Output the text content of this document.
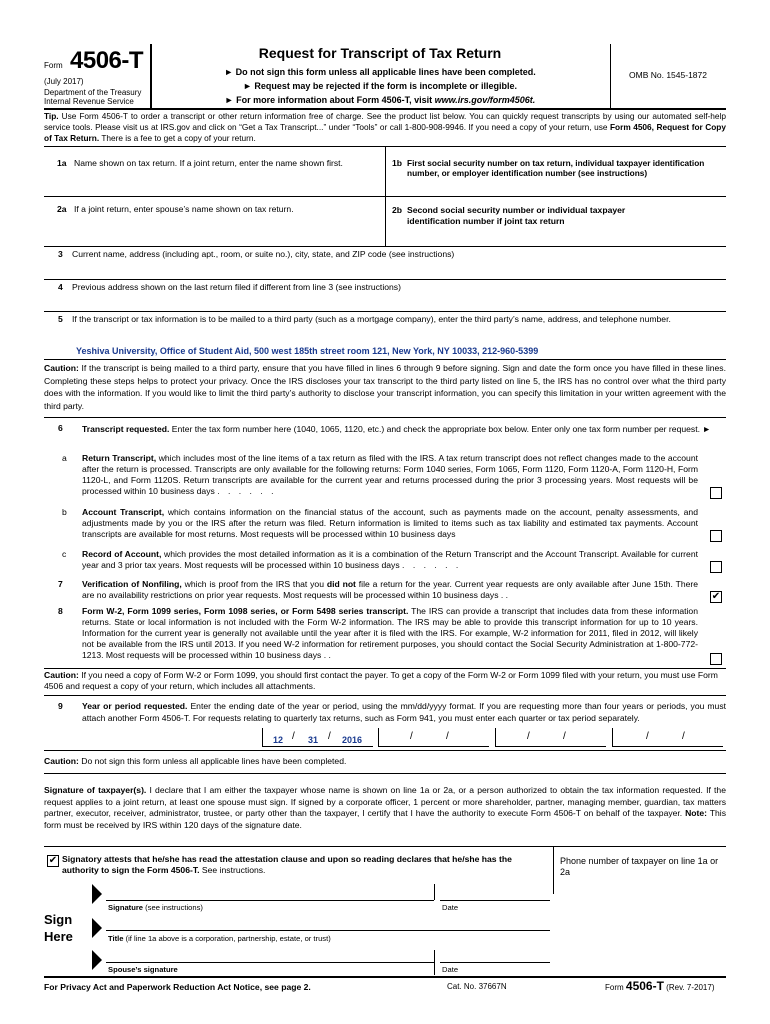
Form 4506-T
(July 2017)
Department of the Treasury
Internal Revenue Service
Request for Transcript of Tax Return
► Do not sign this form unless all applicable lines have been completed.
► Request may be rejected if the form is incomplete or illegible.
► For more information about Form 4506-T, visit www.irs.gov/form4506t.
OMB No. 1545-1872
Tip. Use Form 4506-T to order a transcript or other return information free of charge. See the product list below. You can quickly request transcripts by using our automated self-help service tools. Please visit us at IRS.gov and click on “Get a Tax Transcript...” under “Tools” or call 1-800-908-9946. If you need a copy of your return, use Form 4506, Request for Copy of Tax Return. There is a fee to get a copy of your return.
1a Name shown on tax return. If a joint return, enter the name shown first.	1b First social security number on tax return, individual taxpayer identification number, or employer identification number (see instructions)
2a If a joint return, enter spouse’s name shown on tax return.	2b Second social security number or individual taxpayer identification number if joint tax return
3 Current name, address (including apt., room, or suite no.), city, state, and ZIP code (see instructions)
4 Previous address shown on the last return filed if different from line 3 (see instructions)
5 If the transcript or tax information is to be mailed to a third party (such as a mortgage company), enter the third party’s name, address, and telephone number.
Yeshiva University, Office of Student Aid, 500 west 185th street room 121, New York, NY 10033, 212-960-5399
Caution: If the transcript is being mailed to a third party, ensure that you have filled in lines 6 through 9 before signing. Sign and date the form once you have filled in these lines. Completing these steps helps to protect your privacy. Once the IRS discloses your tax transcript to the third party listed on line 5, the IRS has no control over what the third party does with the information. If you would like to limit the third party’s authority to disclose your transcript information, you can specify this limitation in your written agreement with the third party.
6 Transcript requested. Enter the tax form number here (1040, 1065, 1120, etc.) and check the appropriate box below. Enter only one tax form number per request. ►
a Return Transcript, which includes most of the line items of a tax return as filed with the IRS. A tax return transcript does not reflect changes made to the account after the return is processed. Transcripts are only available for the following returns: Form 1040 series, Form 1065, Form 1120, Form 1120-A, Form 1120-H, Form 1120-L, and Form 1120S. Return transcripts are available for the current year and returns processed during the prior 3 processing years. Most requests will be processed within 10 business days . . . . . .
b Account Transcript, which contains information on the financial status of the account, such as payments made on the account, penalty assessments, and adjustments made by you or the IRS after the return was filed. Return information is limited to items such as tax liability and estimated tax payments. Account transcripts are available for most returns. Most requests will be processed within 10 business days
c Record of Account, which provides the most detailed information as it is a combination of the Return Transcript and the Account Transcript. Available for current year and 3 prior tax years. Most requests will be processed within 10 business days . . . . . .
7 Verification of Nonfiling, which is proof from the IRS that you did not file a return for the year. Current year requests are only available after June 15th. There are no availability restrictions on prior year requests. Most requests will be processed within 10 business days . .	✔
8 Form W-2, Form 1099 series, Form 1098 series, or Form 5498 series transcript. The IRS can provide a transcript that includes data from these information returns. State or local information is not included with the Form W-2 information. The IRS may be able to provide this transcript information for up to 10 years. Information for the current year is generally not available until the year after it is filed with the IRS. For example, W-2 information for 2011, filed in 2012, will likely not be available from the IRS until 2013. If you need W-2 information for retirement purposes, you should contact the Social Security Administration at 1-800-772-1213. Most requests will be processed within 10 business days . .
Caution: If you need a copy of Form W-2 or Form 1099, you should first contact the payer. To get a copy of the Form W-2 or Form 1099 filed with your return, you must use Form 4506 and request a copy of your return, which includes all attachments.
9 Year or period requested. Enter the ending date of the year or period, using the mm/dd/yyyy format. If you are requesting more than four years or periods, you must attach another Form 4506-T. For requests relating to quarterly tax returns, such as Form 941, you must enter each quarter or tax period separately.
12 / 31 / 2016	/	/	/	/	/	/
Caution: Do not sign this form unless all applicable lines have been completed.
Signature of taxpayer(s). I declare that I am either the taxpayer whose name is shown on line 1a or 2a, or a person authorized to obtain the tax information requested. If the request applies to a joint return, at least one spouse must sign. If signed by a corporate officer, 1 percent or more shareholder, partner, managing member, guardian, tax matters partner, executor, receiver, administrator, trustee, or party other than the taxpayer, I certify that I have the authority to execute Form 4506-T on behalf of the taxpayer. Note: This form must be received by IRS within 120 days of the signature date.
✔ Signatory attests that he/she has read the attestation clause and upon so reading declares that he/she has the authority to sign the Form 4506-T. See instructions.
Phone number of taxpayer on line 1a or 2a
Sign
Here
Signature (see instructions)	Date
Title (if line 1a above is a corporation, partnership, estate, or trust)
Spouse’s signature	Date
For Privacy Act and Paperwork Reduction Act Notice, see page 2.	Cat. No. 37667N	Form 4506-T (Rev. 7-2017)
